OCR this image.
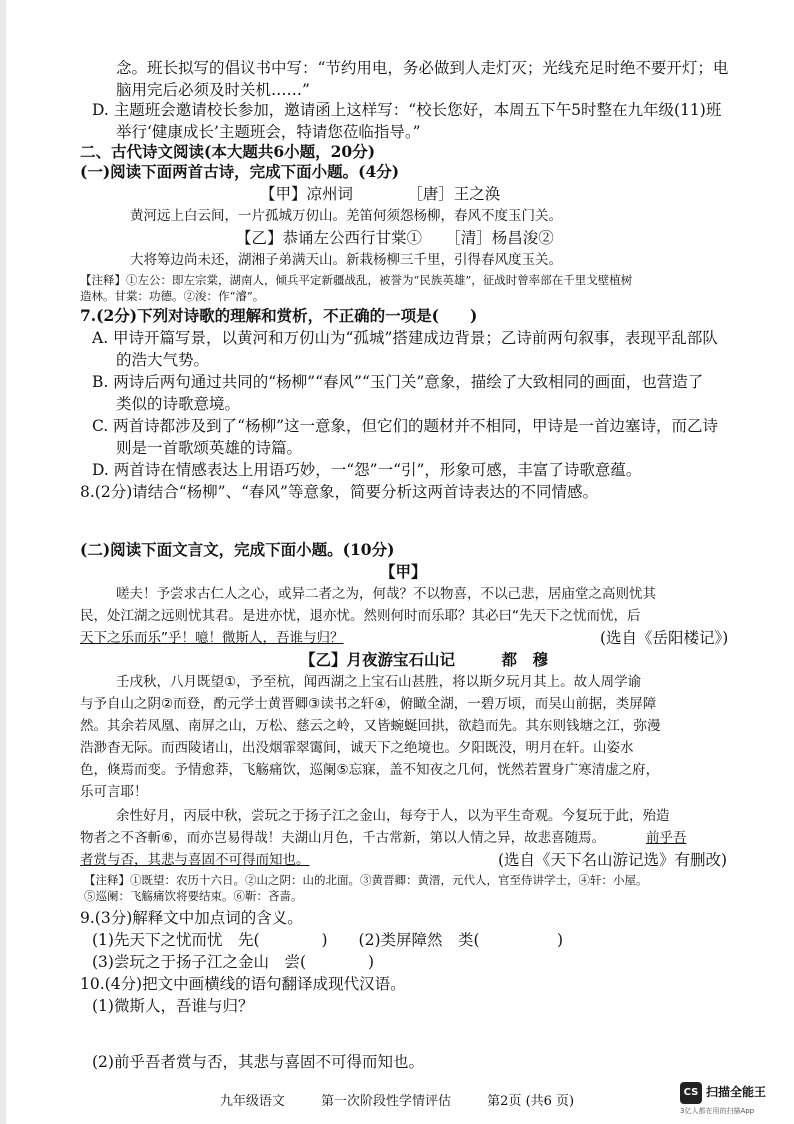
念。班长拟写的倡议书中写：“节约用电，务必做到人走灯灭；光线充足时绝不要开灯；电
脑用完后必须及时关机……”
D. 主题班会邀请校长参加，邀请函上这样写：“校长您好，本周五下午5时整在九年级(11)班
举行‘健康成长’主题班会，特请您莅临指导。”
二、古代诗文阅读(本大题共6小题，20分)
(一)阅读下面两首古诗，完成下面小题。(4分)
【甲】凉州词　　　　［唐］王之涣
黄河远上白云间，一片孤城万仞山。羌笛何须怨杨柳，春风不度玉门关。
【乙】恭诵左公西行甘棠①　　［清］杨昌浚②
大将筹边尚未还，湖湘子弟满天山。新栽杨柳三千里，引得春风度玉关。
【注释】①左公：即左宗棠，湖南人，倾兵平定新疆战乱，被誉为“民族英雄”，征战时曾率部在千里戈壁植树
造林。甘棠：功德。②浚：作“濬”。
7.(2分)下列对诗歌的理解和赏析，不正确的一项是(　　)
A. 甲诗开篇写景，以黄河和万仞山为“孤城”搭建成边背景；乙诗前两句叙事，表现平乱部队
的浩大气势。
B. 两诗后两句通过共同的“杨柳”“春风”“玉门关”意象，描绘了大致相同的画面，也营造了
类似的诗歌意境。
C. 两首诗都涉及到了“杨柳”这一意象，但它们的题材并不相同，甲诗是一首边塞诗，而乙诗
则是一首歌颂英雄的诗篇。
D. 两首诗在情感表达上用语巧妙，一“怨”一“引”，形象可感，丰富了诗歌意蕴。
8.(2分)请结合“杨柳”、“春风”等意象，简要分析这两首诗表达的不同情感。
(二)阅读下面文言文，完成下面小题。(10分)
【甲】
嗟夫！予尝求古仁人之心，或异二者之为，何哉？不以物喜，不以己悲，居庙堂之高则忧其
民，处江湖之远则忧其君。是进亦忧，退亦忧。然则何时而乐耶？其必曰“先天下之忧而忧，后
天下之乐而乐”乎！噫！微斯人，吾谁与归？	(选自《岳阳楼记》)
【乙】月夜游宝石山记　　　都　穆
壬戌秋，八月既望①，予至杭，闻西湖之上宝石山甚胜，将以斯夕玩月其上。故人周学谕
与予自山之阴②而登，酌元学士黄晋卿③读书之轩④，俯瞰全湖，一碧万顷，而吴山前据，类屏障
然。其余若凤凰、南屏之山，万松、慈云之岭，又皆蜿蜒回拱，欲趋而先。其东则钱塘之江，弥漫
浩渺杳无际。而西陵诸山，出没烟霏翠霭间，诚天下之绝境也。夕阳既没，明月在轩。山姿水
色，倏焉而变。予情愈莽，飞觞痛饮，巡阑⑤忘寐，盖不知夜之几何，恍然若置身广寒清虚之府，
乐可言耶！
余性好月，丙辰中秋，尝玩之于扬子江之金山，每夸于人，以为平生奇观。今复玩于此，殆造
物者之不吝斬⑥，而亦岂易得哉！夫湖山月色，千古常新，第以人情之异，故悲喜随焉。	前乎吾
者赏与否，其悲与喜固不可得而知也。	(选自《天下名山游记选》有删改)
【注释】①既望：农历十六日。②山之阴：山的北面。③黄晋卿：黄溍，元代人，官至侍讲学士，④轩：小屋。
⑤巡阑：飞觞痛饮将要结束。⑥靳：吝啬。
9.(3分)解释文中加点词的含义。
(1)先天下之忧而忧　先(　　　　)　　(2)类屏障然　类(　　　　　)
(3)尝玩之于扬子江之金山　尝(　　　　)
10.(4分)把文中画横线的语句翻译成现代汉语。
(1)微斯人，吾谁与归？
(2)前乎吾者赏与否，其悲与喜固不可得而知也。
九年级语文	第一次阶段性学情评估	第2页 (共6 页)
CS 扫描全能王
3亿人都在用的扫描App
